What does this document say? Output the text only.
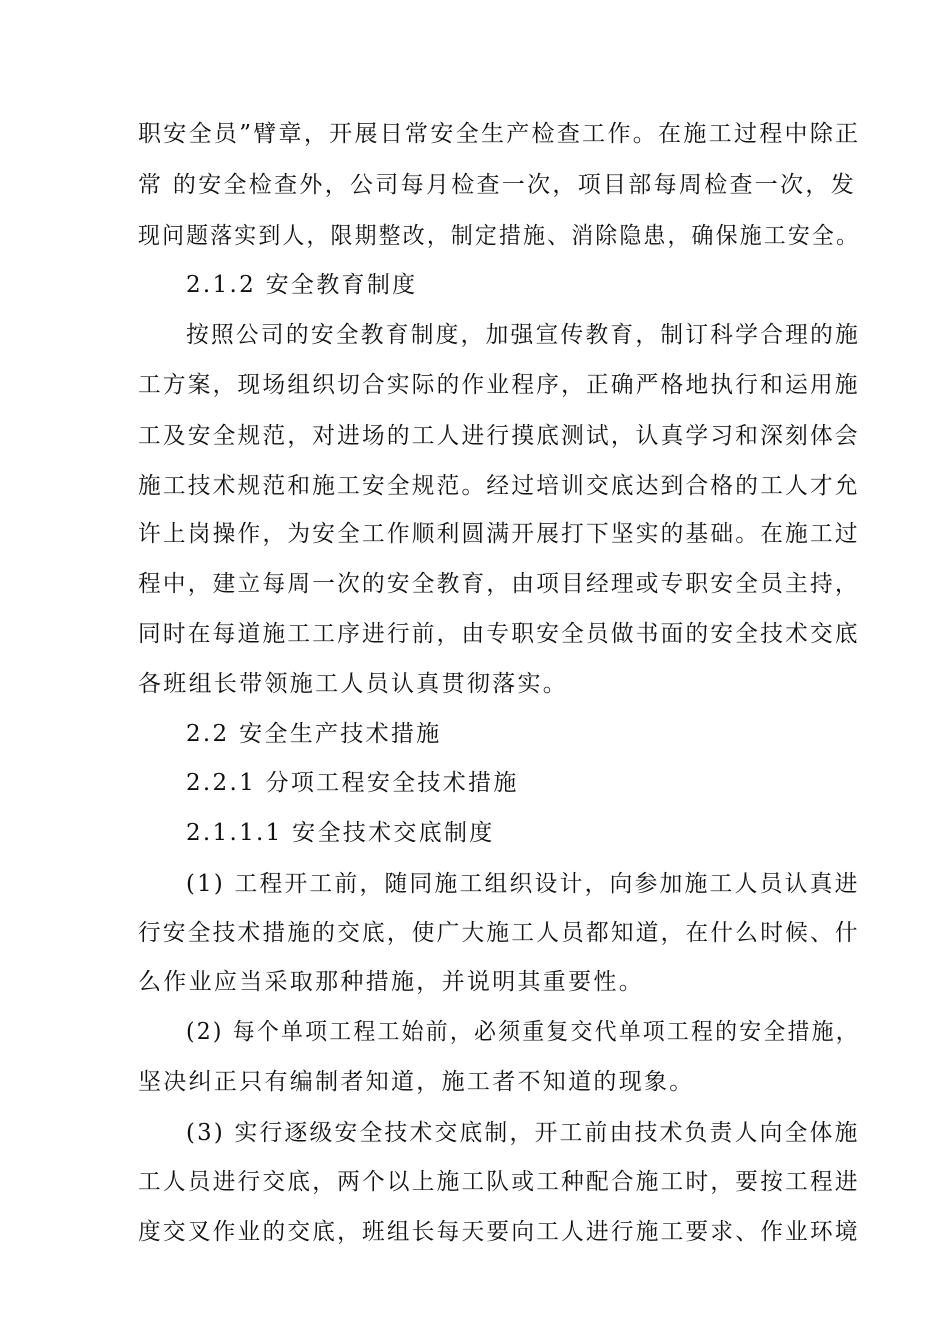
职安全员”臂章，开展日常安全生产检查工作。在施工过程中除正
常 的安全检查外，公司每月检查一次，项目部每周检查一次，发
现问题落实到人，限期整改，制定措施、消除隐患，确保施工安全。
2.1.2 安全教育制度
按照公司的安全教育制度，加强宣传教育，制订科学合理的施
工方案，现场组织切合实际的作业程序，正确严格地执行和运用施
工及安全规范，对进场的工人进行摸底测试，认真学习和深刻体会
施工技术规范和施工安全规范。经过培训交底达到合格的工人才允
许上岗操作，为安全工作顺利圆满开展打下坚实的基础。在施工过
程中，建立每周一次的安全教育，由项目经理或专职安全员主持，
同时在每道施工工序进行前，由专职安全员做书面的安全技术交底
各班组长带领施工人员认真贯彻落实。
2.2 安全生产技术措施
2.2.1 分项工程安全技术措施
2.1.1.1 安全技术交底制度
(1) 工程开工前，随同施工组织设计，向参加施工人员认真进
行安全技术措施的交底，使广大施工人员都知道，在什么时候、什
么作业应当采取那种措施，并说明其重要性。
(2) 每个单项工程工始前，必须重复交代单项工程的安全措施，
坚决纠正只有编制者知道，施工者不知道的现象。
(3) 实行逐级安全技术交底制，开工前由技术负责人向全体施
工人员进行交底，两个以上施工队或工种配合施工时，要按工程进
度交叉作业的交底，班组长每天要向工人进行施工要求、作业环境
